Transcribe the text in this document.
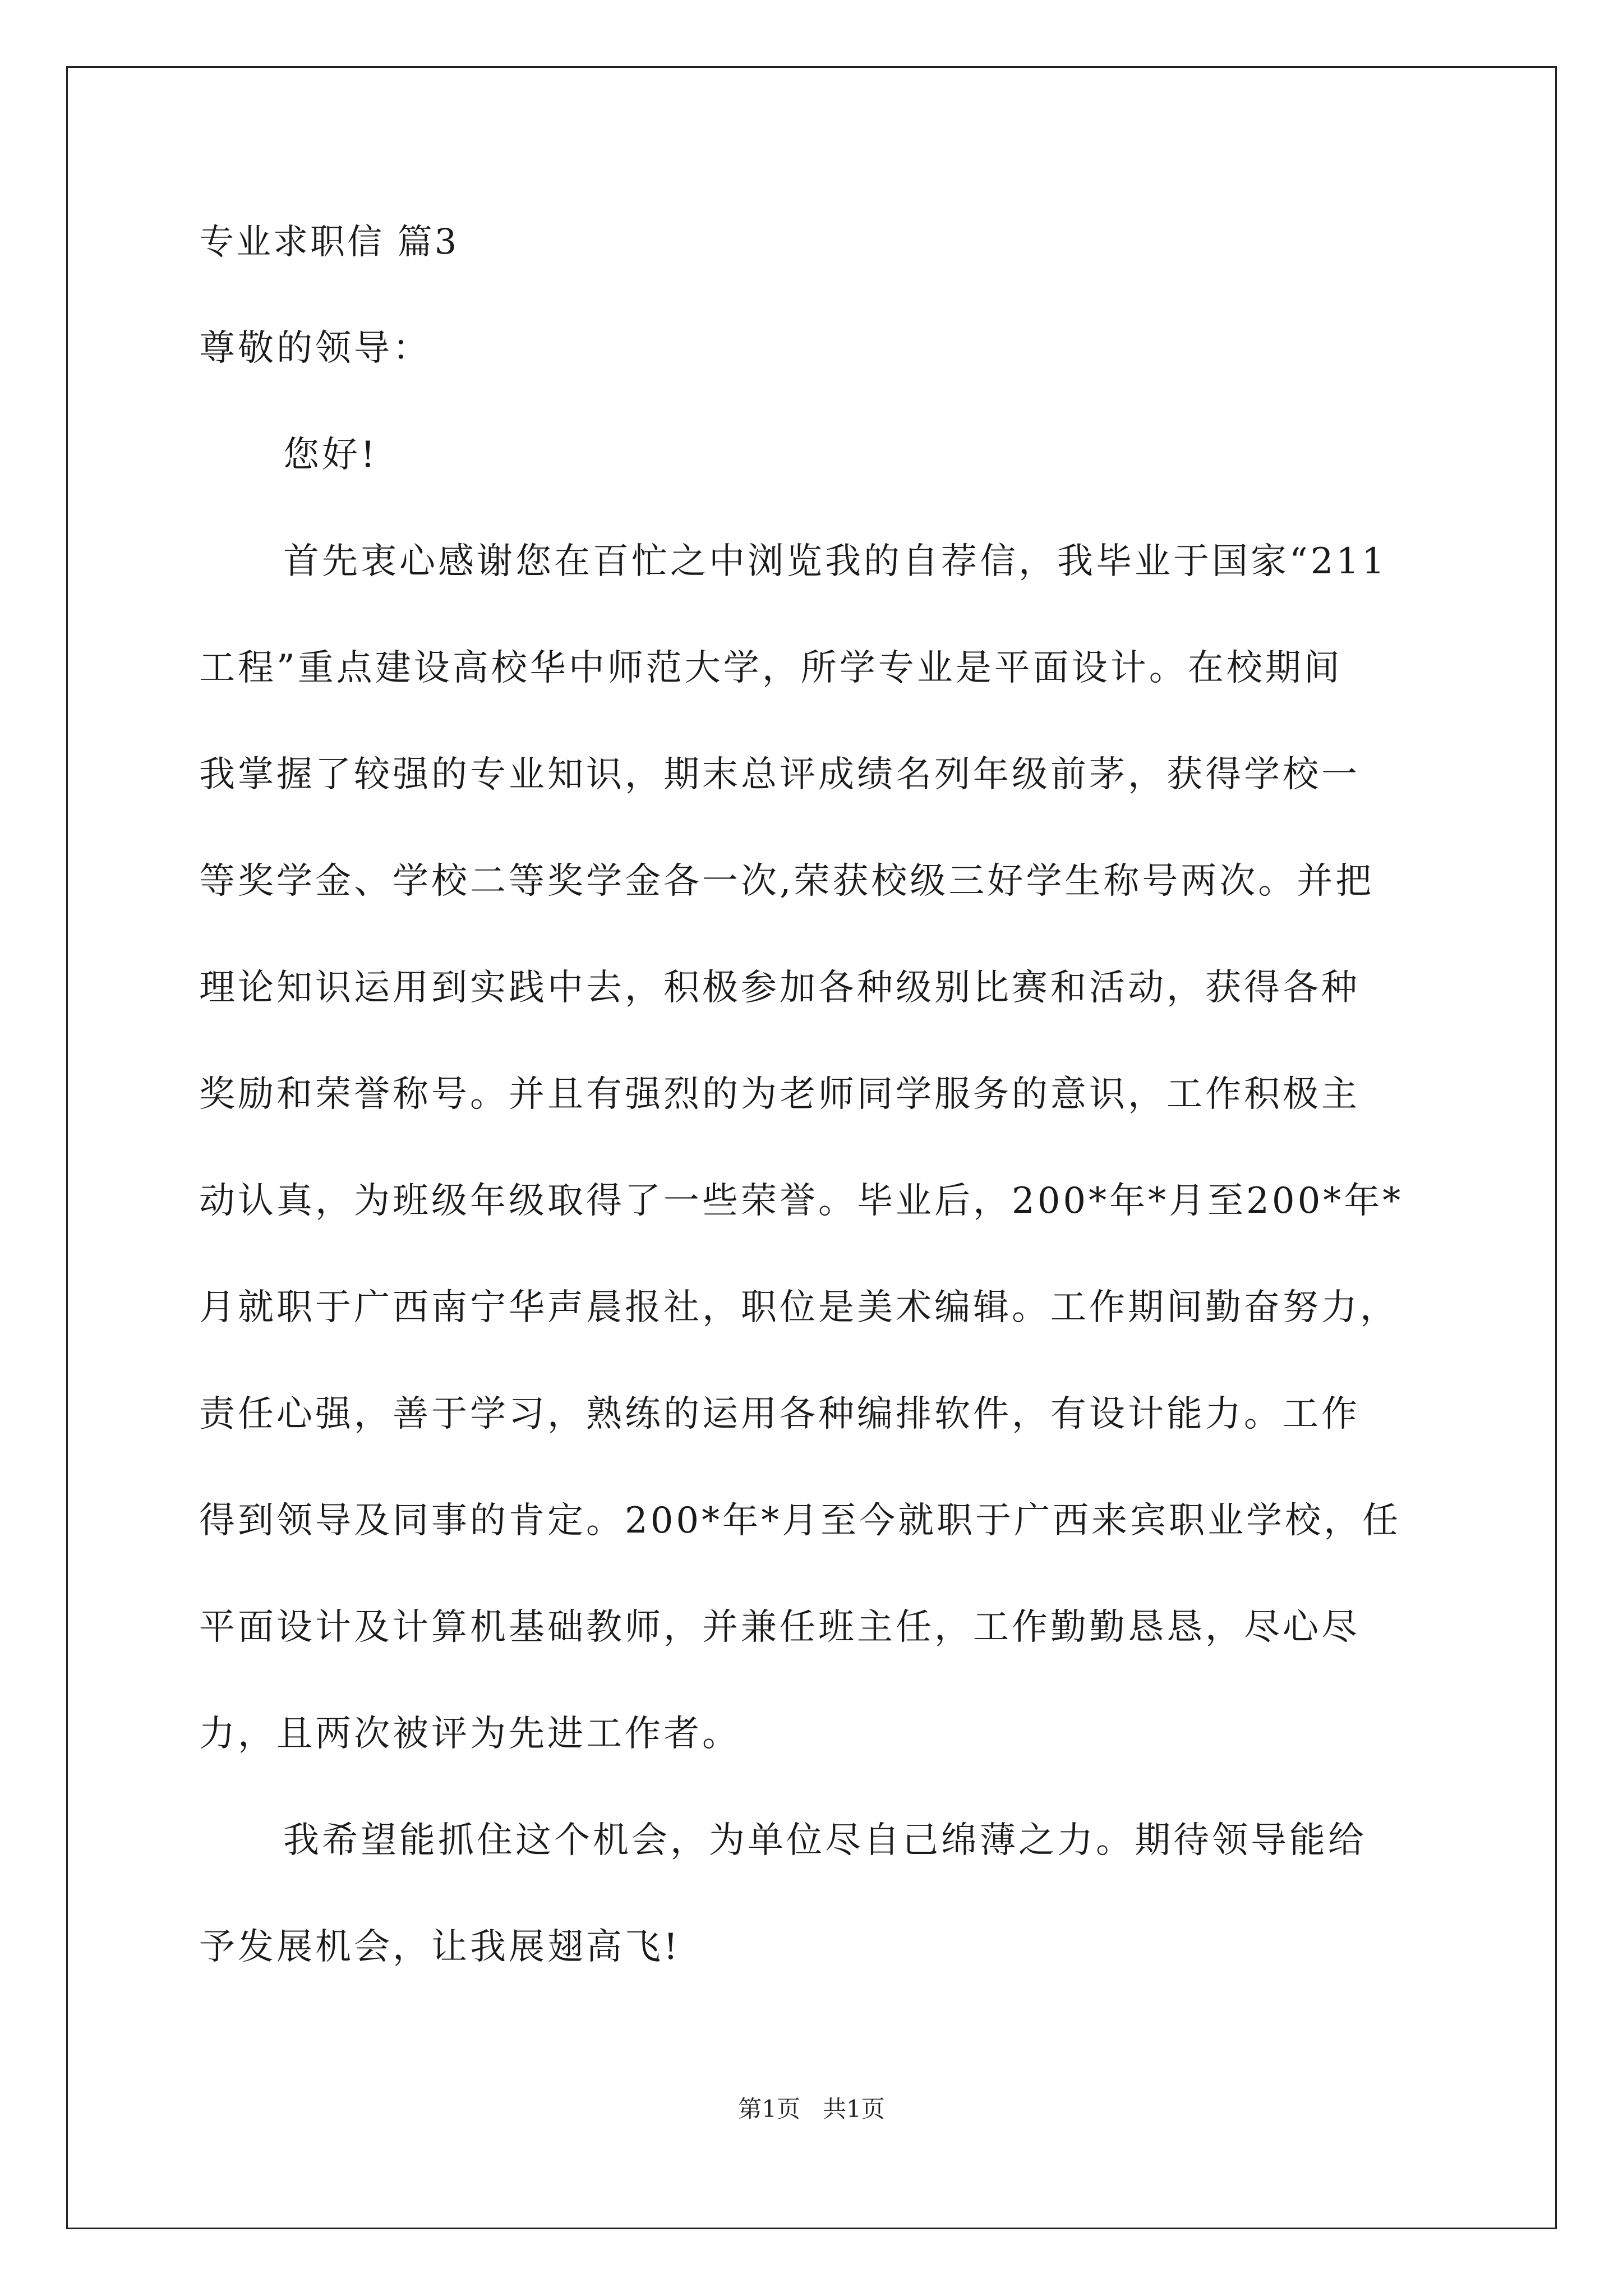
专业求职信 篇3
尊敬的领导：
您好!
首先衷心感谢您在百忙之中浏览我的自荐信，我毕业于国家“211
工程”重点建设高校华中师范大学，所学专业是平面设计。在校期间
我掌握了较强的专业知识，期末总评成绩名列年级前茅，获得学校一
等奖学金、学校二等奖学金各一次,荣获校级三好学生称号两次。并把
理论知识运用到实践中去，积极参加各种级别比赛和活动，获得各种
奖励和荣誉称号。并且有强烈的为老师同学服务的意识，工作积极主
动认真，为班级年级取得了一些荣誉。毕业后，200*年*月至200*年*
月就职于广西南宁华声晨报社，职位是美术编辑。工作期间勤奋努力，
责任心强，善于学习，熟练的运用各种编排软件，有设计能力。工作
得到领导及同事的肯定。200*年*月至今就职于广西来宾职业学校，任
平面设计及计算机基础教师，并兼任班主任，工作勤勤恳恳，尽心尽
力，且两次被评为先进工作者。
我希望能抓住这个机会，为单位尽自己绵薄之力。期待领导能给
予发展机会，让我展翅高飞!
第1页   共1页
